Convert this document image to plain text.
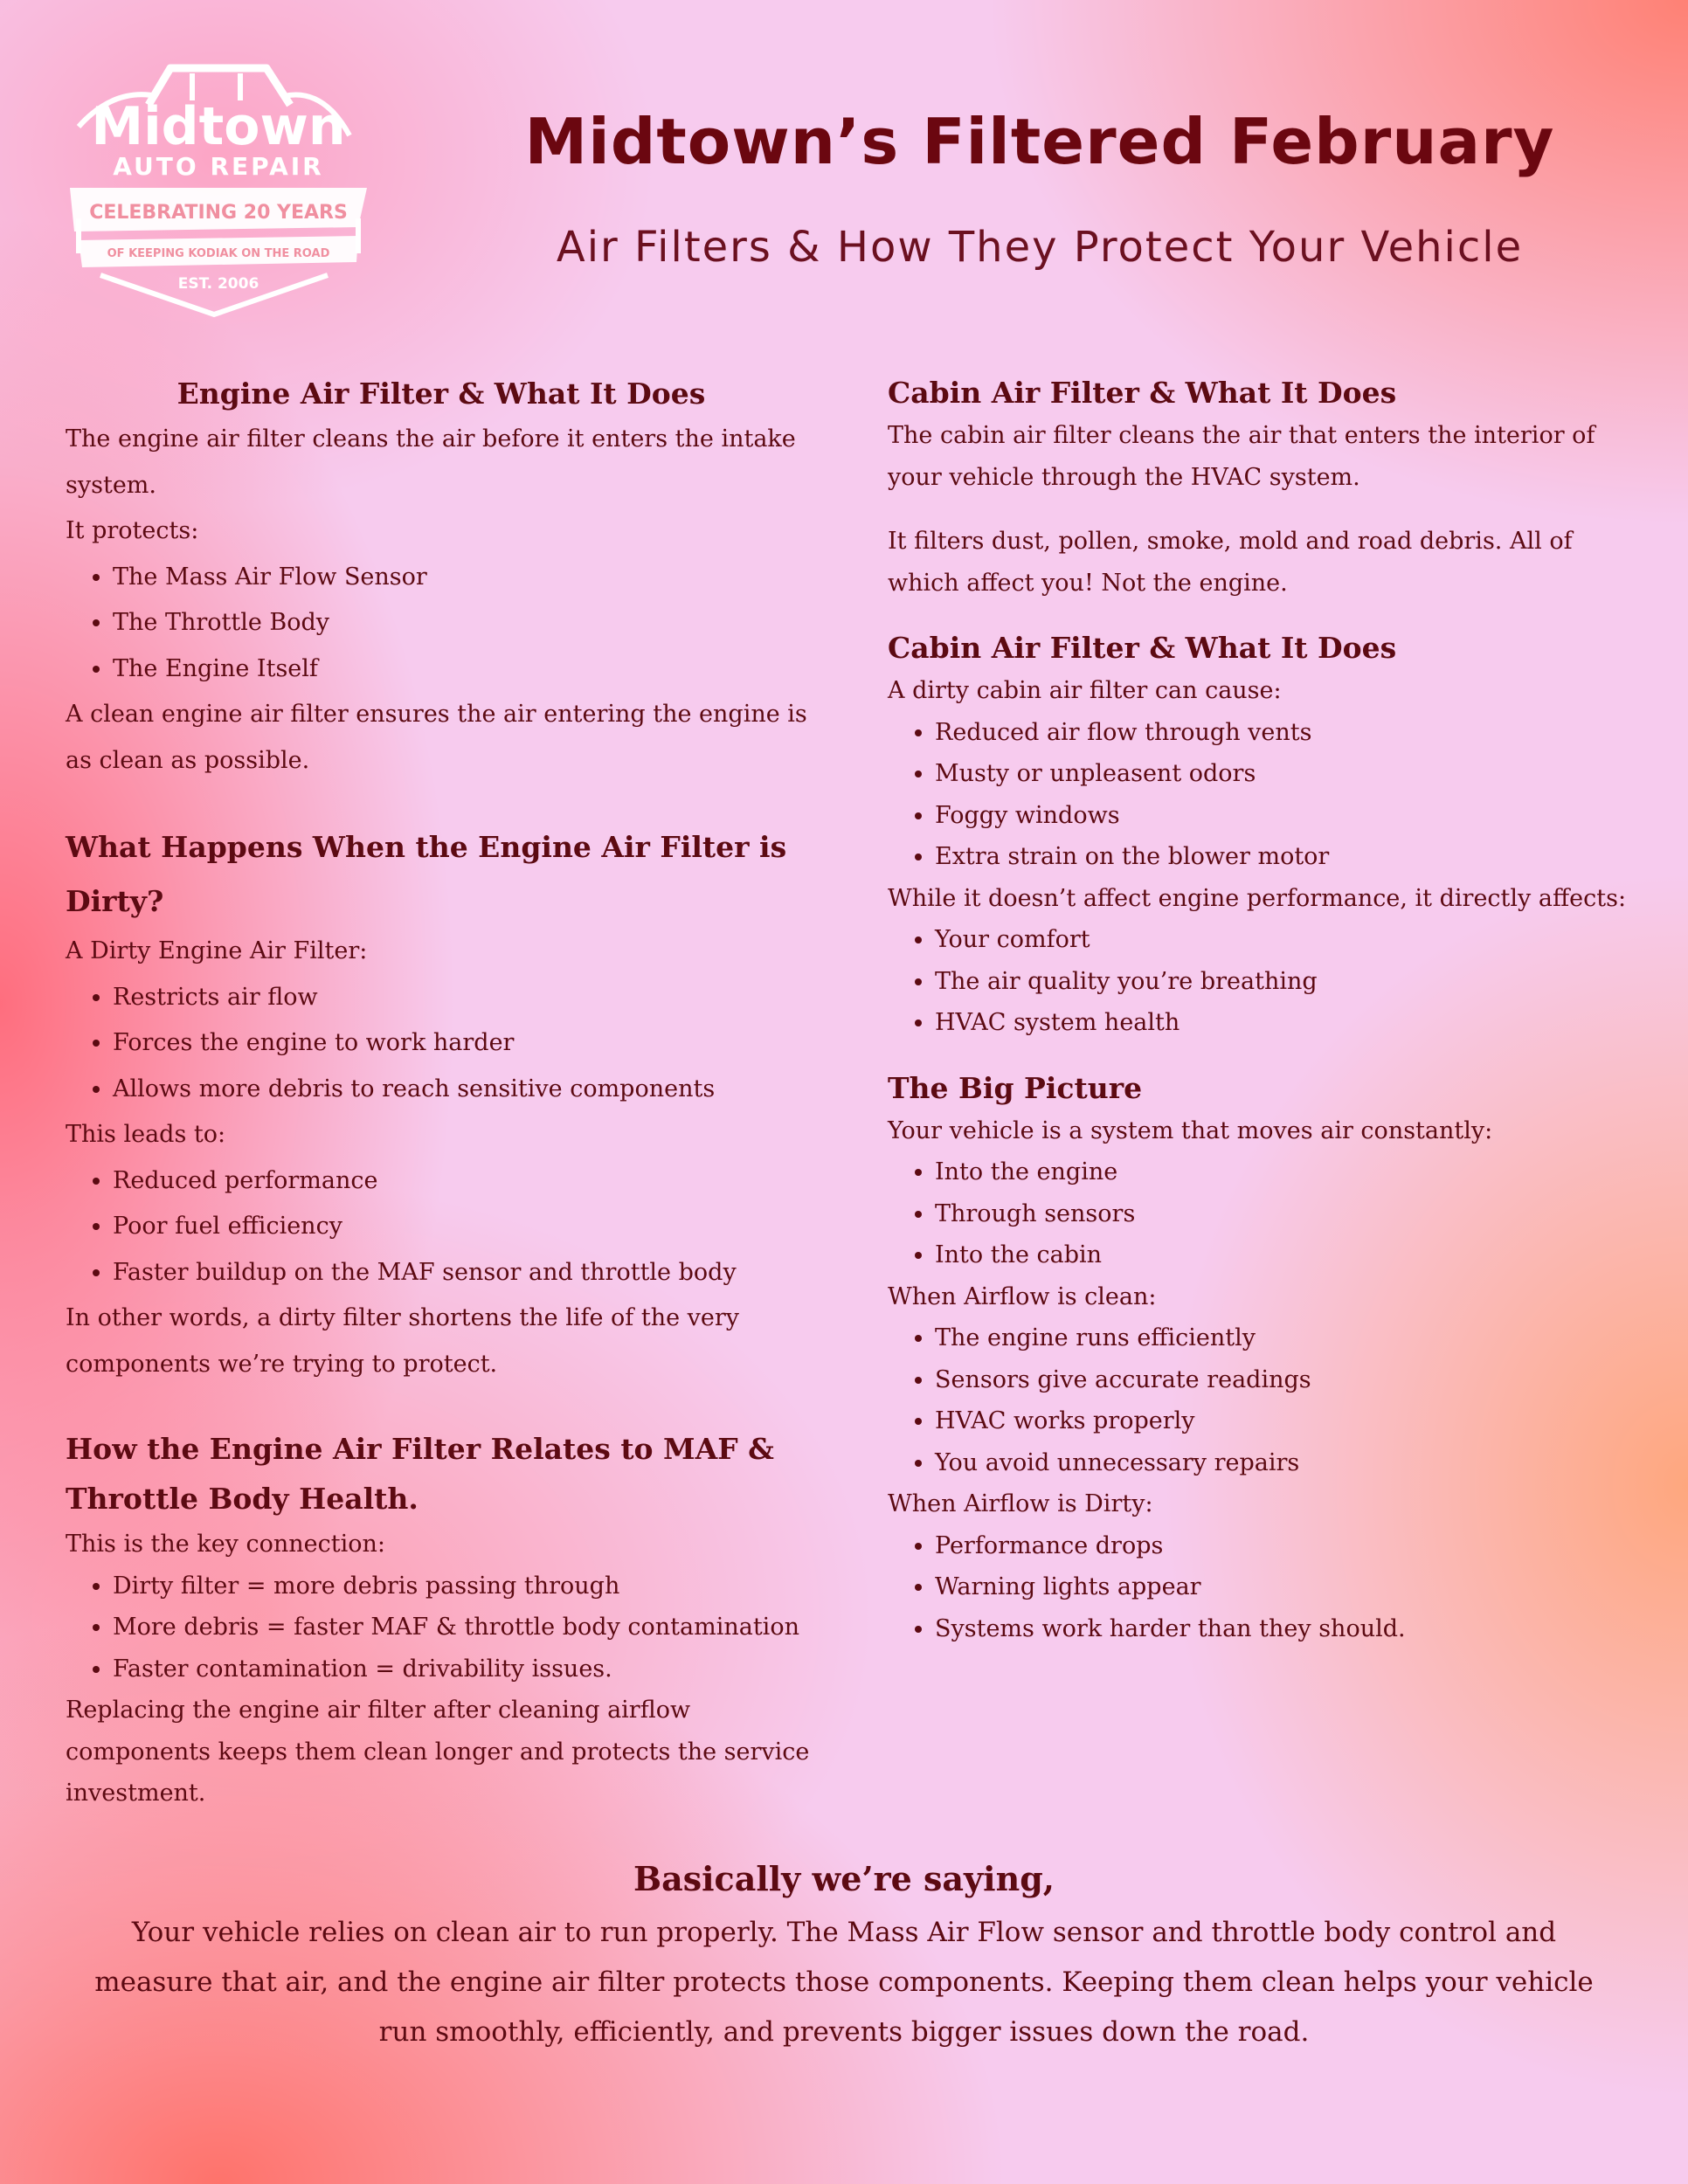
Midtown
AUTO REPAIR
CELEBRATING 20 YEARS
OF KEEPING KODIAK ON THE ROAD
EST. 2006
Midtown’s Filtered February
Air Filters & How They Protect Your Vehicle
Engine Air Filter & What It Does

The engine air filter cleans the air before it enters the intake system.

It protects:

• The Mass Air Flow Sensor
• The Throttle Body
• The Engine Itself

A clean engine air filter ensures the air entering the engine is as clean as possible.

What Happens When the Engine Air Filter is Dirty?

A Dirty Engine Air Filter:

• Restricts air flow
• Forces the engine to work harder
• Allows more debris to reach sensitive components

This leads to:

• Reduced performance
• Poor fuel efficiency
• Faster buildup on the MAF sensor and throttle body

In other words, a dirty filter shortens the life of the very components we’re trying to protect.

How the Engine Air Filter Relates to MAF & Throttle Body Health.

This is the key connection:

• Dirty filter = more debris passing through
• More debris = faster MAF & throttle body contamination
• Faster contamination = drivability issues.

Replacing the engine air filter after cleaning airflow components keeps them clean longer and protects the service investment.

Cabin Air Filter & What It Does

The cabin air filter cleans the air that enters the interior of your vehicle through the HVAC system.

It filters dust, pollen, smoke, mold and road debris. All of which affect you! Not the engine.

Cabin Air Filter & What It Does

A dirty cabin air filter can cause:

• Reduced air flow through vents
• Musty or unpleasent odors
• Foggy windows
• Extra strain on the blower motor

While it doesn’t affect engine performance, it directly affects:

• Your comfort
• The air quality you’re breathing
• HVAC system health
The Big Picture

Your vehicle is a system that moves air constantly:

• Into the engine
• Through sensors
• Into the cabin

When Airflow is clean:

• The engine runs efficiently
• Sensors give accurate readings
• HVAC works properly
• You avoid unnecessary repairs

When Airflow is Dirty:

• Performance drops
• Warning lights appear
• Systems work harder than they should.
Basically we’re saying,

Your vehicle relies on clean air to run properly. The Mass Air Flow sensor and throttle body control and measure that air, and the engine air filter protects those components. Keeping them clean helps your vehicle run smoothly, efficiently, and prevents bigger issues down the road.
